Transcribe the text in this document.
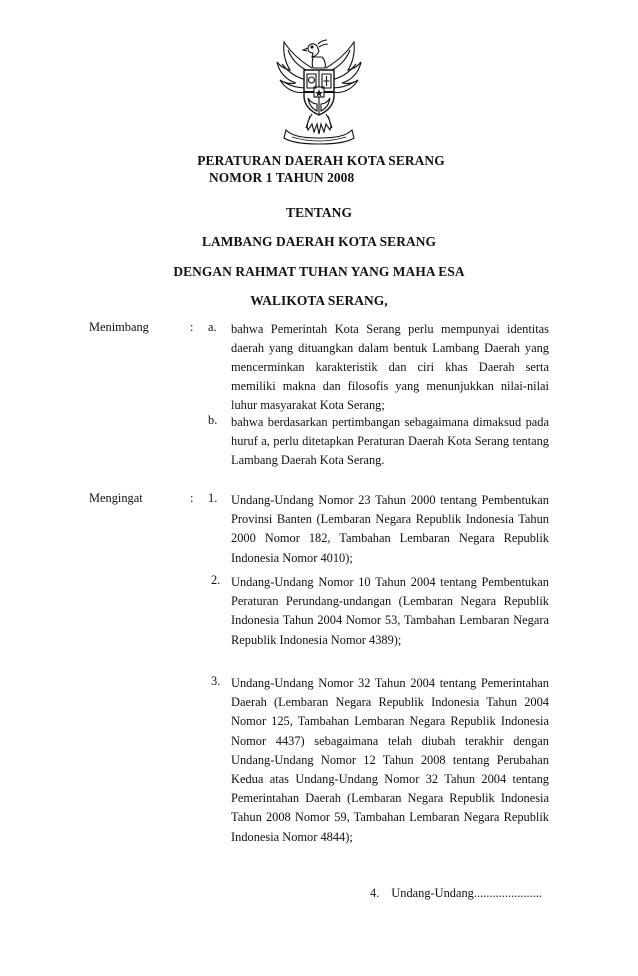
PERATURAN DAERAH KOTA SERANG
NOMOR 1 TAHUN 2008
TENTANG
LAMBANG DAERAH KOTA SERANG
DENGAN RAHMAT TUHAN YANG MAHA ESA
WALIKOTA SERANG,
Menimbang	: a. bahwa Pemerintah Kota Serang perlu mempunyai identitas daerah yang dituangkan dalam bentuk Lambang Daerah yang mencerminkan karakteristik dan ciri khas Daerah serta memiliki makna dan filosofis yang menunjukkan nilai-nilai luhur masyarakat Kota Serang;
b. bahwa berdasarkan pertimbangan sebagaimana dimaksud pada huruf a, perlu ditetapkan Peraturan Daerah Kota Serang tentang Lambang Daerah Kota Serang.
Mengingat	: 1. Undang-Undang Nomor 23 Tahun 2000 tentang Pembentukan Provinsi Banten (Lembaran Negara Republik Indonesia Tahun 2000 Nomor 182, Tambahan Lembaran Negara Republik Indonesia Nomor 4010);
2. Undang-Undang Nomor 10 Tahun 2004 tentang Pembentukan Peraturan Perundang-undangan (Lembaran Negara Republik Indonesia Tahun 2004 Nomor 53, Tambahan Lembaran Negara Republik Indonesia Nomor 4389);
3. Undang-Undang Nomor 32 Tahun 2004 tentang Pemerintahan Daerah (Lembaran Negara Republik Indonesia Tahun 2004 Nomor 125, Tambahan Lembaran Negara Republik Indonesia Nomor 4437) sebagaimana telah diubah terakhir dengan Undang-Undang Nomor 12 Tahun 2008 tentang Perubahan Kedua atas Undang-Undang Nomor 32 Tahun 2004 tentang Pemerintahan Daerah (Lembaran Negara Republik Indonesia Tahun 2008 Nomor 59, Tambahan Lembaran Negara Republik Indonesia Nomor 4844);
4. Undang-Undang......................
